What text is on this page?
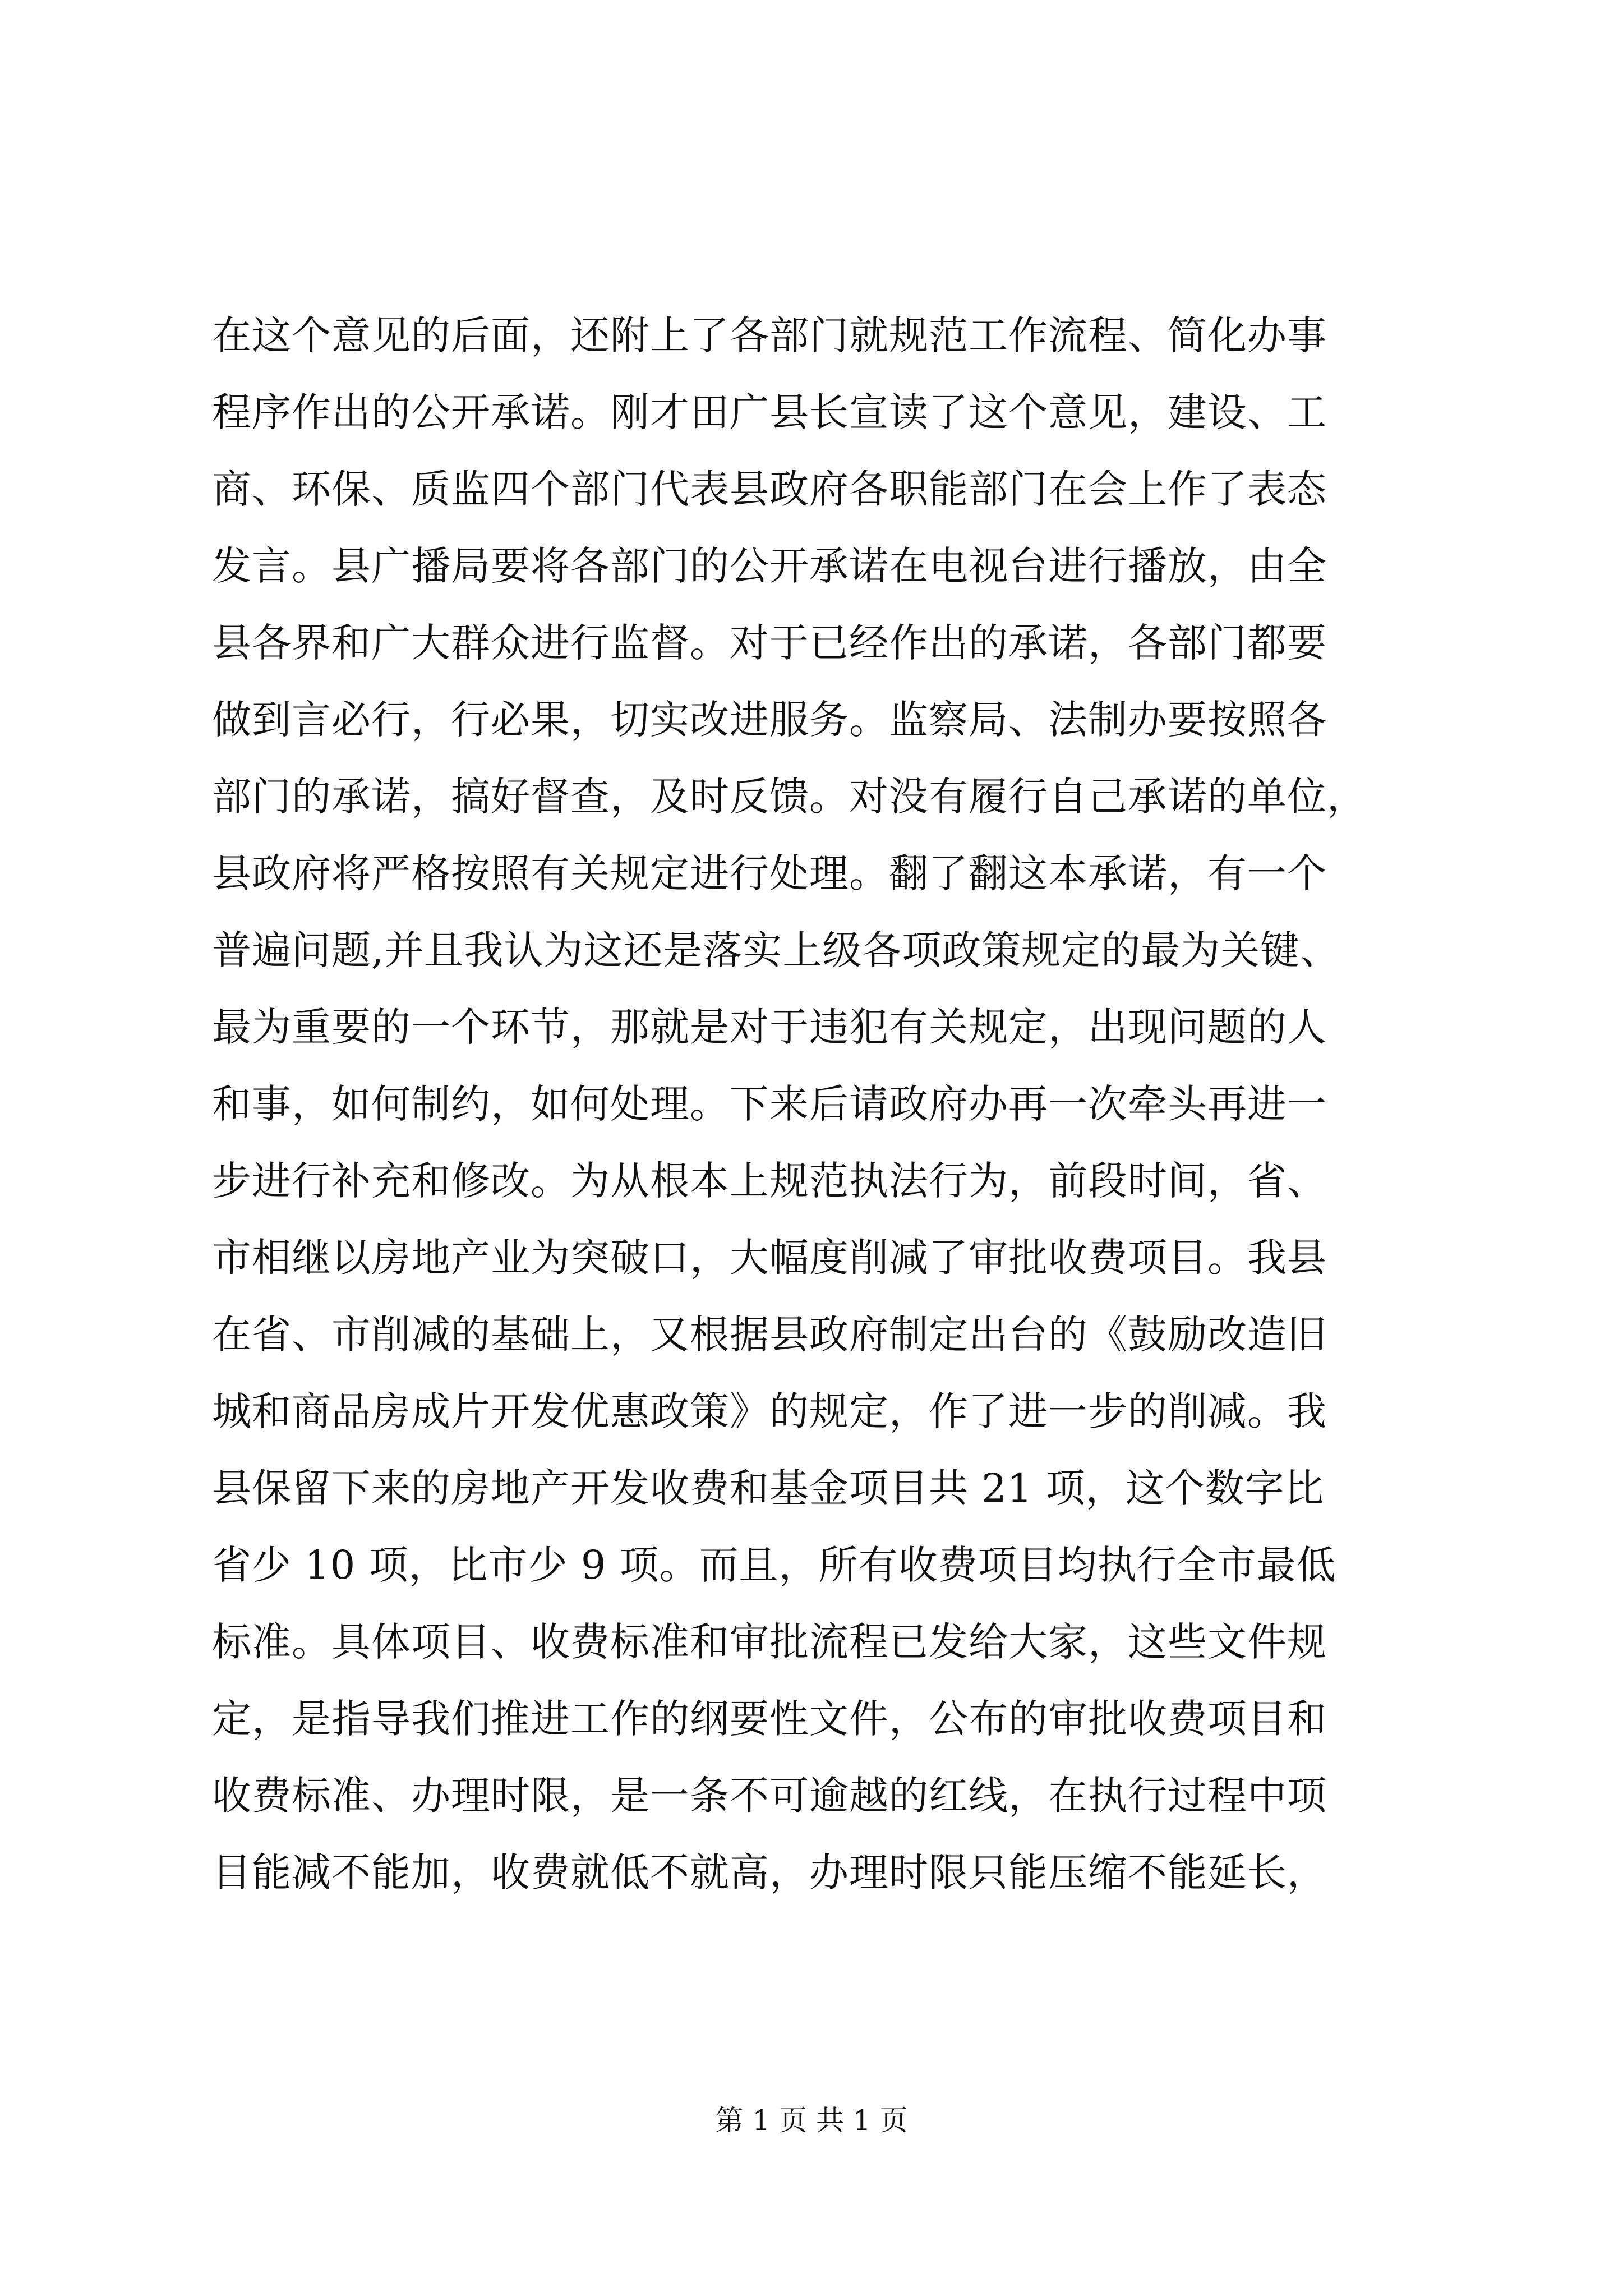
在这个意见的后面，还附上了各部门就规范工作流程、简化办事
程序作出的公开承诺。刚才田广县长宣读了这个意见，建设、工
商、环保、质监四个部门代表县政府各职能部门在会上作了表态
发言。县广播局要将各部门的公开承诺在电视台进行播放，由全
县各界和广大群众进行监督。对于已经作出的承诺，各部门都要
做到言必行，行必果，切实改进服务。监察局、法制办要按照各
部门的承诺，搞好督查，及时反馈。对没有履行自己承诺的单位，
县政府将严格按照有关规定进行处理。翻了翻这本承诺，有一个
普遍问题,并且我认为这还是落实上级各项政策规定的最为关键、
最为重要的一个环节，那就是对于违犯有关规定，出现问题的人
和事，如何制约，如何处理。下来后请政府办再一次牵头再进一
步进行补充和修改。为从根本上规范执法行为，前段时间，省、
市相继以房地产业为突破口，大幅度削减了审批收费项目。我县
在省、市削减的基础上，又根据县政府制定出台的《鼓励改造旧
城和商品房成片开发优惠政策》的规定，作了进一步的削减。我
县保留下来的房地产开发收费和基金项目共 21 项，这个数字比
省少 10 项，比市少 9 项。而且，所有收费项目均执行全市最低
标准。具体项目、收费标准和审批流程已发给大家，这些文件规
定，是指导我们推进工作的纲要性文件，公布的审批收费项目和
收费标准、办理时限，是一条不可逾越的红线，在执行过程中项
目能减不能加，收费就低不就高，办理时限只能压缩不能延长，
第 1 页 共 1 页
